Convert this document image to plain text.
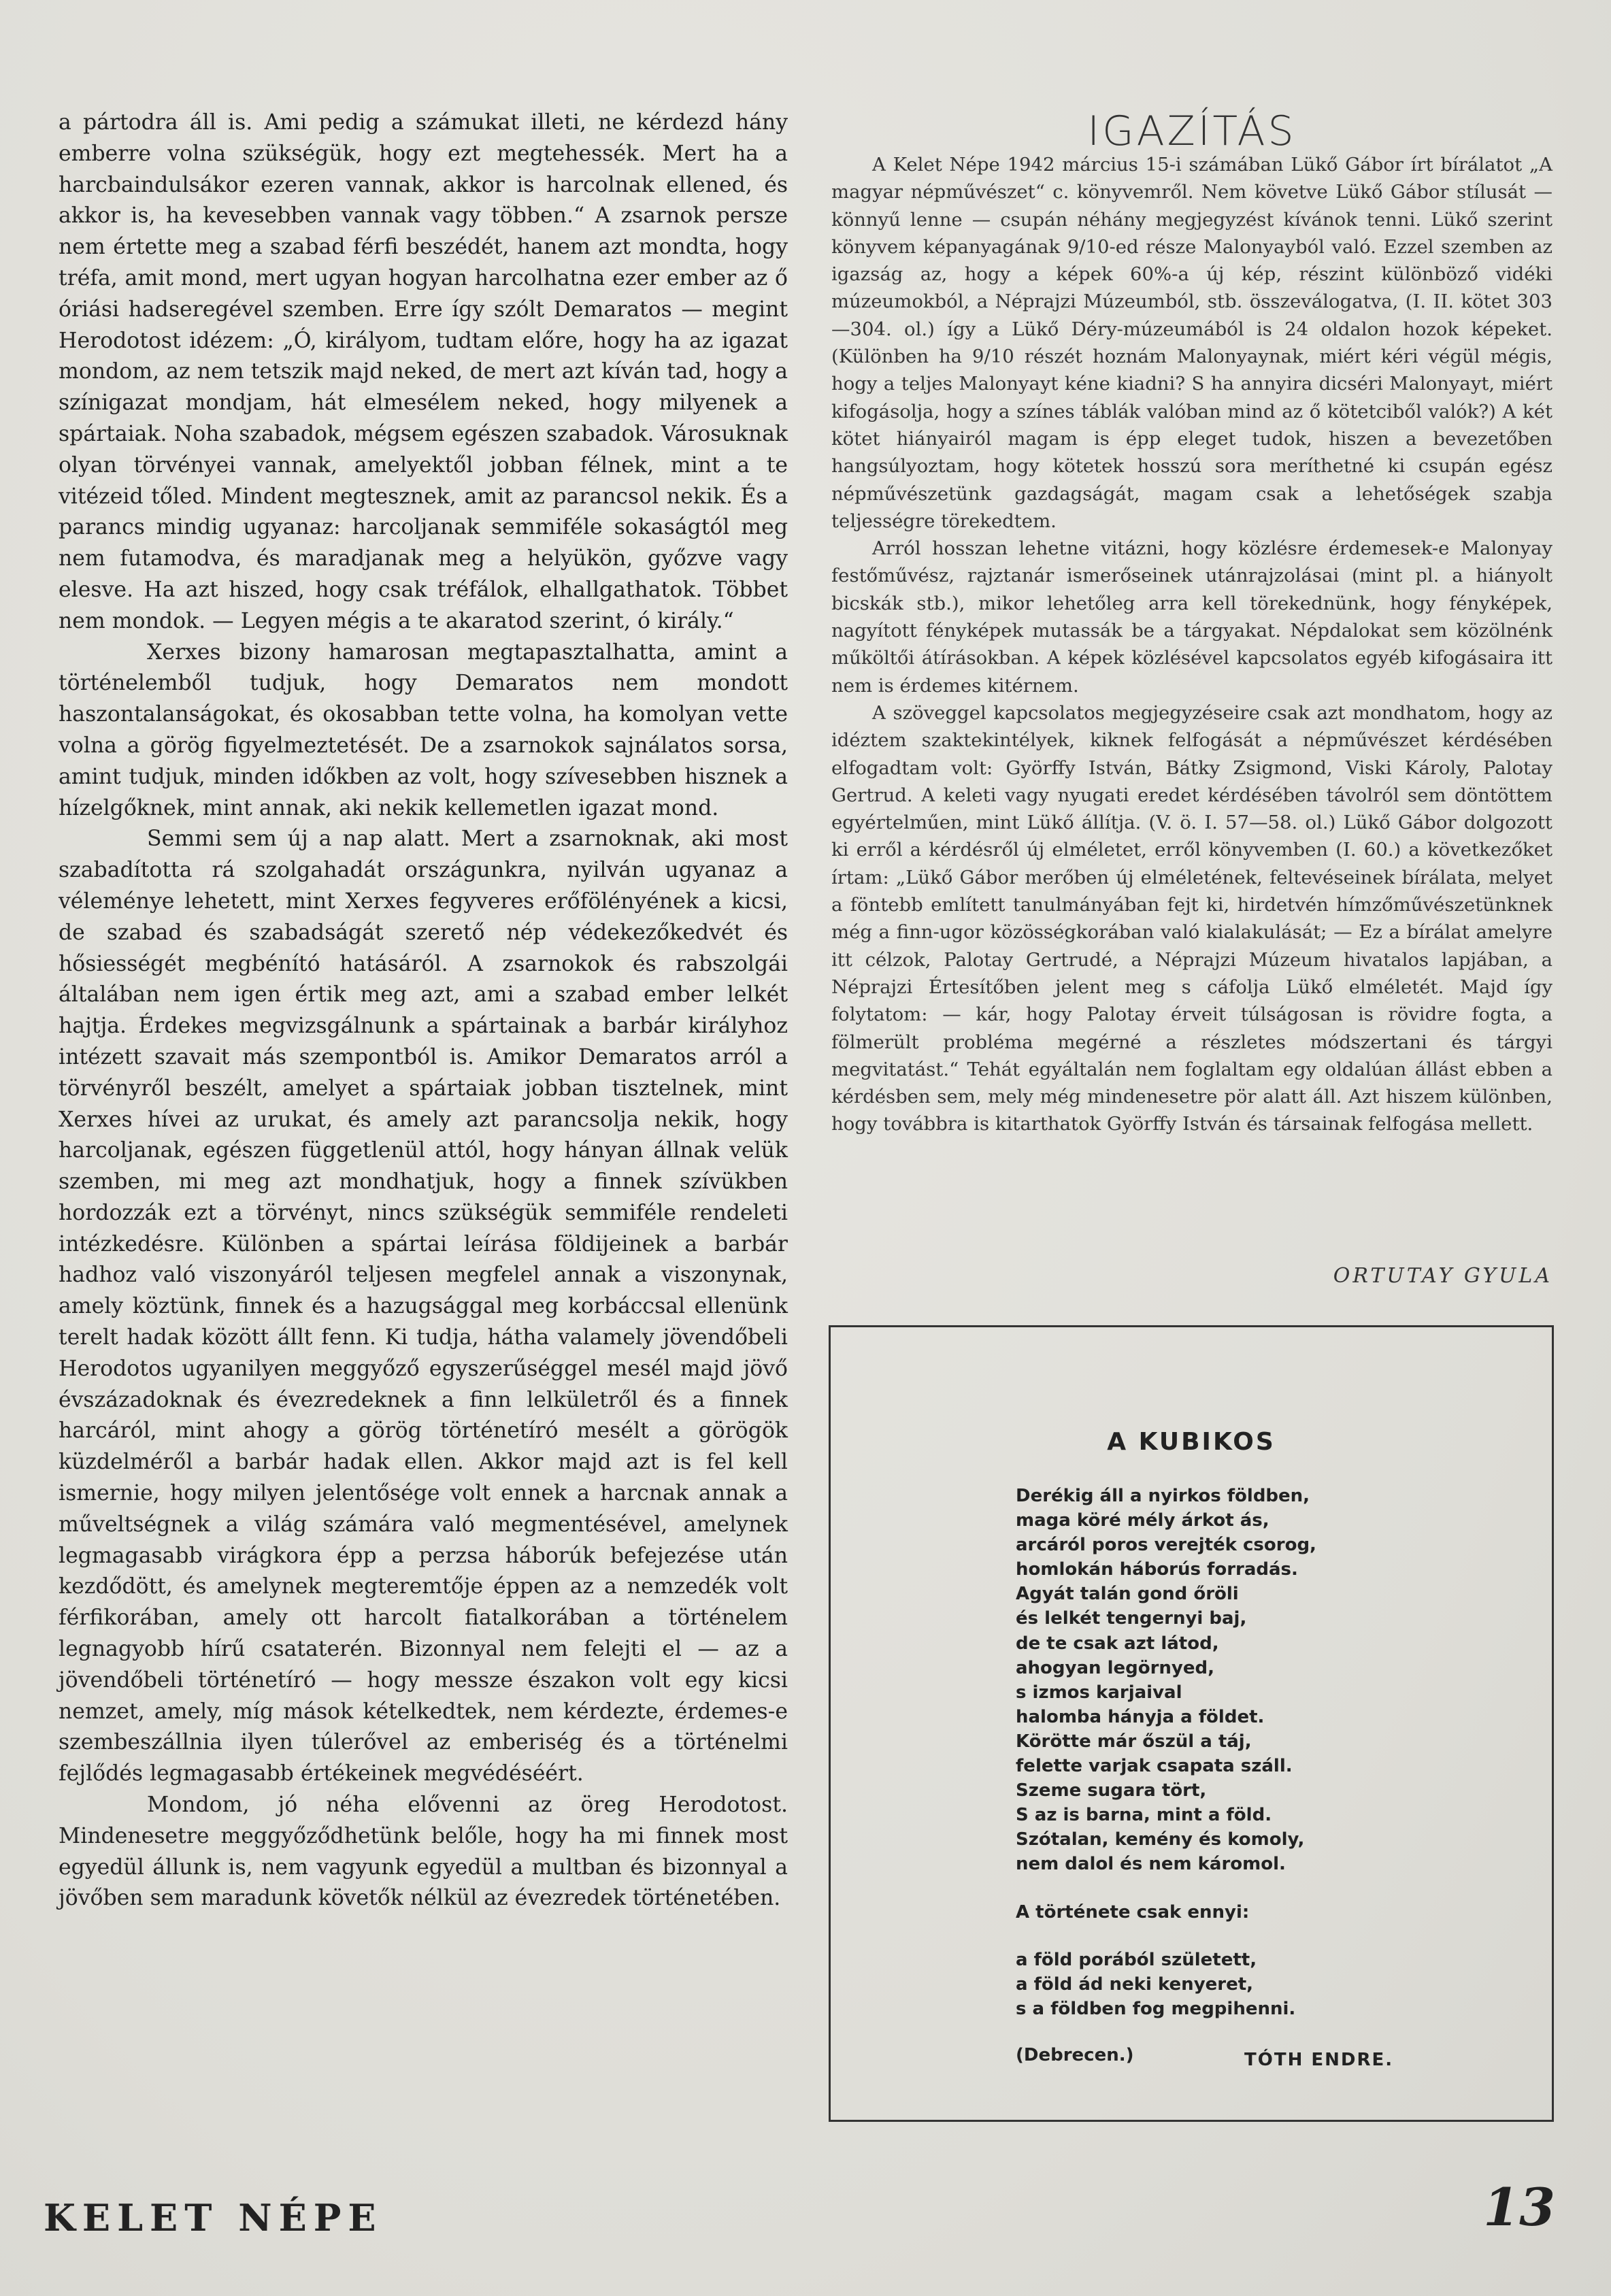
a pártodra áll is. Ami pedig a számukat illeti, ne kérdezd hány emberre volna szükségük, hogy ezt megtehessék. Mert ha a harcbaindulsákor ezeren vannak, akkor is harcolnak ellened, és akkor is, ha kevesebben vannak vagy többen.“ A zsarnok persze nem értette meg a szabad férfi beszédét, hanem azt mondta, hogy tréfa, amit mond, mert ugyan hogyan harcolhatna ezer ember az ő óriási hadseregével szemben. Erre így szólt Demaratos — megint Herodotost idézem: „Ó, királyom, tudtam előre, hogy ha az igazat mondom, az nem tetszik majd neked, de mert azt kíván tad, hogy a színigazat mondjam, hát elmesélem neked, hogy milyenek a spártaiak. Noha szabadok, mégsem egészen szabadok. Városuknak olyan törvényei vannak, amelyektől jobban félnek, mint a te vitézeid tőled. Mindent megtesznek, amit az parancsol nekik. És a parancs mindig ugyanaz: harcoljanak semmiféle sokaságtól meg nem futamodva, és maradjanak meg a helyükön, győzve vagy elesve. Ha azt hiszed, hogy csak tréfálok, elhallgathatok. Többet nem mondok. — Legyen mégis a te akaratod szerint, ó király.“

Xerxes bizony hamarosan megtapasztalhatta, amint a történelemből tudjuk, hogy Demaratos nem mondott haszontalanságokat, és okosabban tette volna, ha komolyan vette volna a görög figyelmeztetését. De a zsarnokok sajnálatos sorsa, amint tudjuk, minden időkben az volt, hogy szívesebben hisznek a hízelgőknek, mint annak, aki nekik kellemetlen igazat mond.

Semmi sem új a nap alatt. Mert a zsarnoknak, aki most szabadította rá szolgahadát országunkra, nyilván ugyanaz a véleménye lehetett, mint Xerxes fegyveres erőfölényének a kicsi, de szabad és szabadságát szerető nép védekezőkedvét és hősiességét megbénító hatásáról. A zsarnokok és rabszolgái általában nem igen értik meg azt, ami a szabad ember lelkét hajtja. Érdekes megvizsgálnunk a spártainak a barbár királyhoz intézett szavait más szempontból is. Amikor Demaratos arról a törvényről beszélt, amelyet a spártaiak jobban tisztelnek, mint Xerxes hívei az urukat, és amely azt parancsolja nekik, hogy harcoljanak, egészen függetlenül attól, hogy hányan állnak velük szemben, mi meg azt mondhatjuk, hogy a finnek szívükben hordozzák ezt a törvényt, nincs szükségük semmiféle rendeleti intézkedésre. Különben a spártai leírása földijeinek a barbár hadhoz való viszonyáról teljesen megfelel annak a viszonynak, amely köztünk, finnek és a hazugsággal meg korbáccsal ellenünk terelt hadak között állt fenn. Ki tudja, hátha valamely jövendőbeli Herodotos ugyanilyen meggyőző egyszerűséggel mesél majd jövő évszázadoknak és évezredeknek a finn lelkületről és a finnek harcáról, mint ahogy a görög történetíró mesélt a görögök küzdelméről a barbár hadak ellen. Akkor majd azt is fel kell ismernie, hogy milyen jelentősége volt ennek a harcnak annak a műveltségnek a világ számára való megmentésével, amelynek legmagasabb virágkora épp a perzsa háborúk befejezése után kezdődött, és amelynek megteremtője éppen az a nemzedék volt férfikorában, amely ott harcolt fiatalkorában a történelem legnagyobb hírű csataterén. Bizonnyal nem felejti el — az a jövendőbeli történetíró — hogy messze északon volt egy kicsi nemzet, amely, míg mások kételkedtek, nem kérdezte, érdemes-e szembeszállnia ilyen túlerővel az emberiség és a történelmi fejlődés legmagasabb értékeinek megvédéséért.

Mondom, jó néha elővenni az öreg Herodotost. Mindenesetre meggyőződhetünk belőle, hogy ha mi finnek most egyedül állunk is, nem vagyunk egyedül a multban és bizonnyal a jövőben sem maradunk követők nélkül az évezredek történetében.

IGAZÍTÁS

A Kelet Népe 1942 március 15-i számában Lükő Gábor írt bírálatot „A magyar népművészet“ c. könyvemről. Nem követve Lükő Gábor stílusát — könnyű lenne — csupán néhány megjegyzést kívánok tenni. Lükő szerint könyvem képanyagának 9/10-ed része Malonyayból való. Ezzel szemben az igazság az, hogy a képek 60%-a új kép, részint különböző vidéki múzeumokból, a Néprajzi Múzeumból, stb. összeválogatva, (I. II. kötet 303—304. ol.) így a Lükő Déry-múzeumából is 24 oldalon hozok képeket. (Különben ha 9/10 részét hoznám Malonyaynak, miért kéri végül mégis, hogy a teljes Malonyayt kéne kiadni? S ha annyira dicséri Malonyayt, miért kifogásolja, hogy a színes táblák valóban mind az ő kötetciből valók?) A két kötet hiányairól magam is épp eleget tudok, hiszen a bevezetőben hangsúlyoztam, hogy kötetek hosszú sora meríthetné ki csupán egész népművészetünk gazdagságát, magam csak a lehetőségek szabja teljességre törekedtem.

Arról hosszan lehetne vitázni, hogy közlésre érdemesek-e Malonyay festőművész, rajztanár ismerőseinek utánrajzolásai (mint pl. a hiányolt bicskák stb.), mikor lehetőleg arra kell törekednünk, hogy fényképek, nagyított fényképek mutassák be a tárgyakat. Népdalokat sem közölnénk műköltői átírásokban. A képek közlésével kapcsolatos egyéb kifogásaira itt nem is érdemes kitérnem.

A szöveggel kapcsolatos megjegyzéseire csak azt mondhatom, hogy az idéztem szaktekintélyek, kiknek felfogását a népművészet kérdésében elfogadtam volt: Györffy István, Bátky Zsigmond, Viski Károly, Palotay Gertrud. A keleti vagy nyugati eredet kérdésében távolról sem döntöttem egyértelműen, mint Lükő állítja. (V. ö. I. 57—58. ol.) Lükő Gábor dolgozott ki erről a kérdésről új elméletet, erről könyvemben (I. 60.) a következőket írtam: „Lükő Gábor merőben új elméletének, feltevéseinek bírálata, melyet a föntebb említett tanulmányában fejt ki, hirdetvén hímzőművészetünknek még a finn-ugor közösségkorában való kialakulását; — Ez a bírálat amelyre itt célzok, Palotay Gertrudé, a Néprajzi Múzeum hivatalos lapjában, a Néprajzi Értesítőben jelent meg s cáfolja Lükő elméletét. Majd így folytatom: — kár, hogy Palotay érveit túlságosan is rövidre fogta, a fölmerült probléma megérné a részletes módszertani és tárgyi megvitatást.“ Tehát egyáltalán nem foglaltam egy oldalúan állást ebben a kérdésben sem, mely még mindenesetre pör alatt áll. Azt hiszem különben, hogy továbbra is kitarthatok Györffy István és társainak felfogása mellett.

ORTUTAY GYULA
A KUBIKOS
Derékig áll a nyirkos földben,
maga köré mély árkot ás,
arcáról poros verejték csorog,
homlokán háborús forradás.
Agyát talán gond őröli
és lelkét tengernyi baj,
de te csak azt látod,
ahogyan legörnyed,
s izmos karjaival
halomba hányja a földet.
Körötte már őszül a táj,
felette varjak csapata száll.
Szeme sugara tört,
S az is barna, mint a föld.
Szótalan, kemény és komoly,
nem dalol és nem káromol.
A története csak ennyi:
a föld porából született,
a föld ád neki kenyeret,
s a földben fog megpihenni.
(Debrecen.)	TÓTH ENDRE.
KELET NÉPE	13
